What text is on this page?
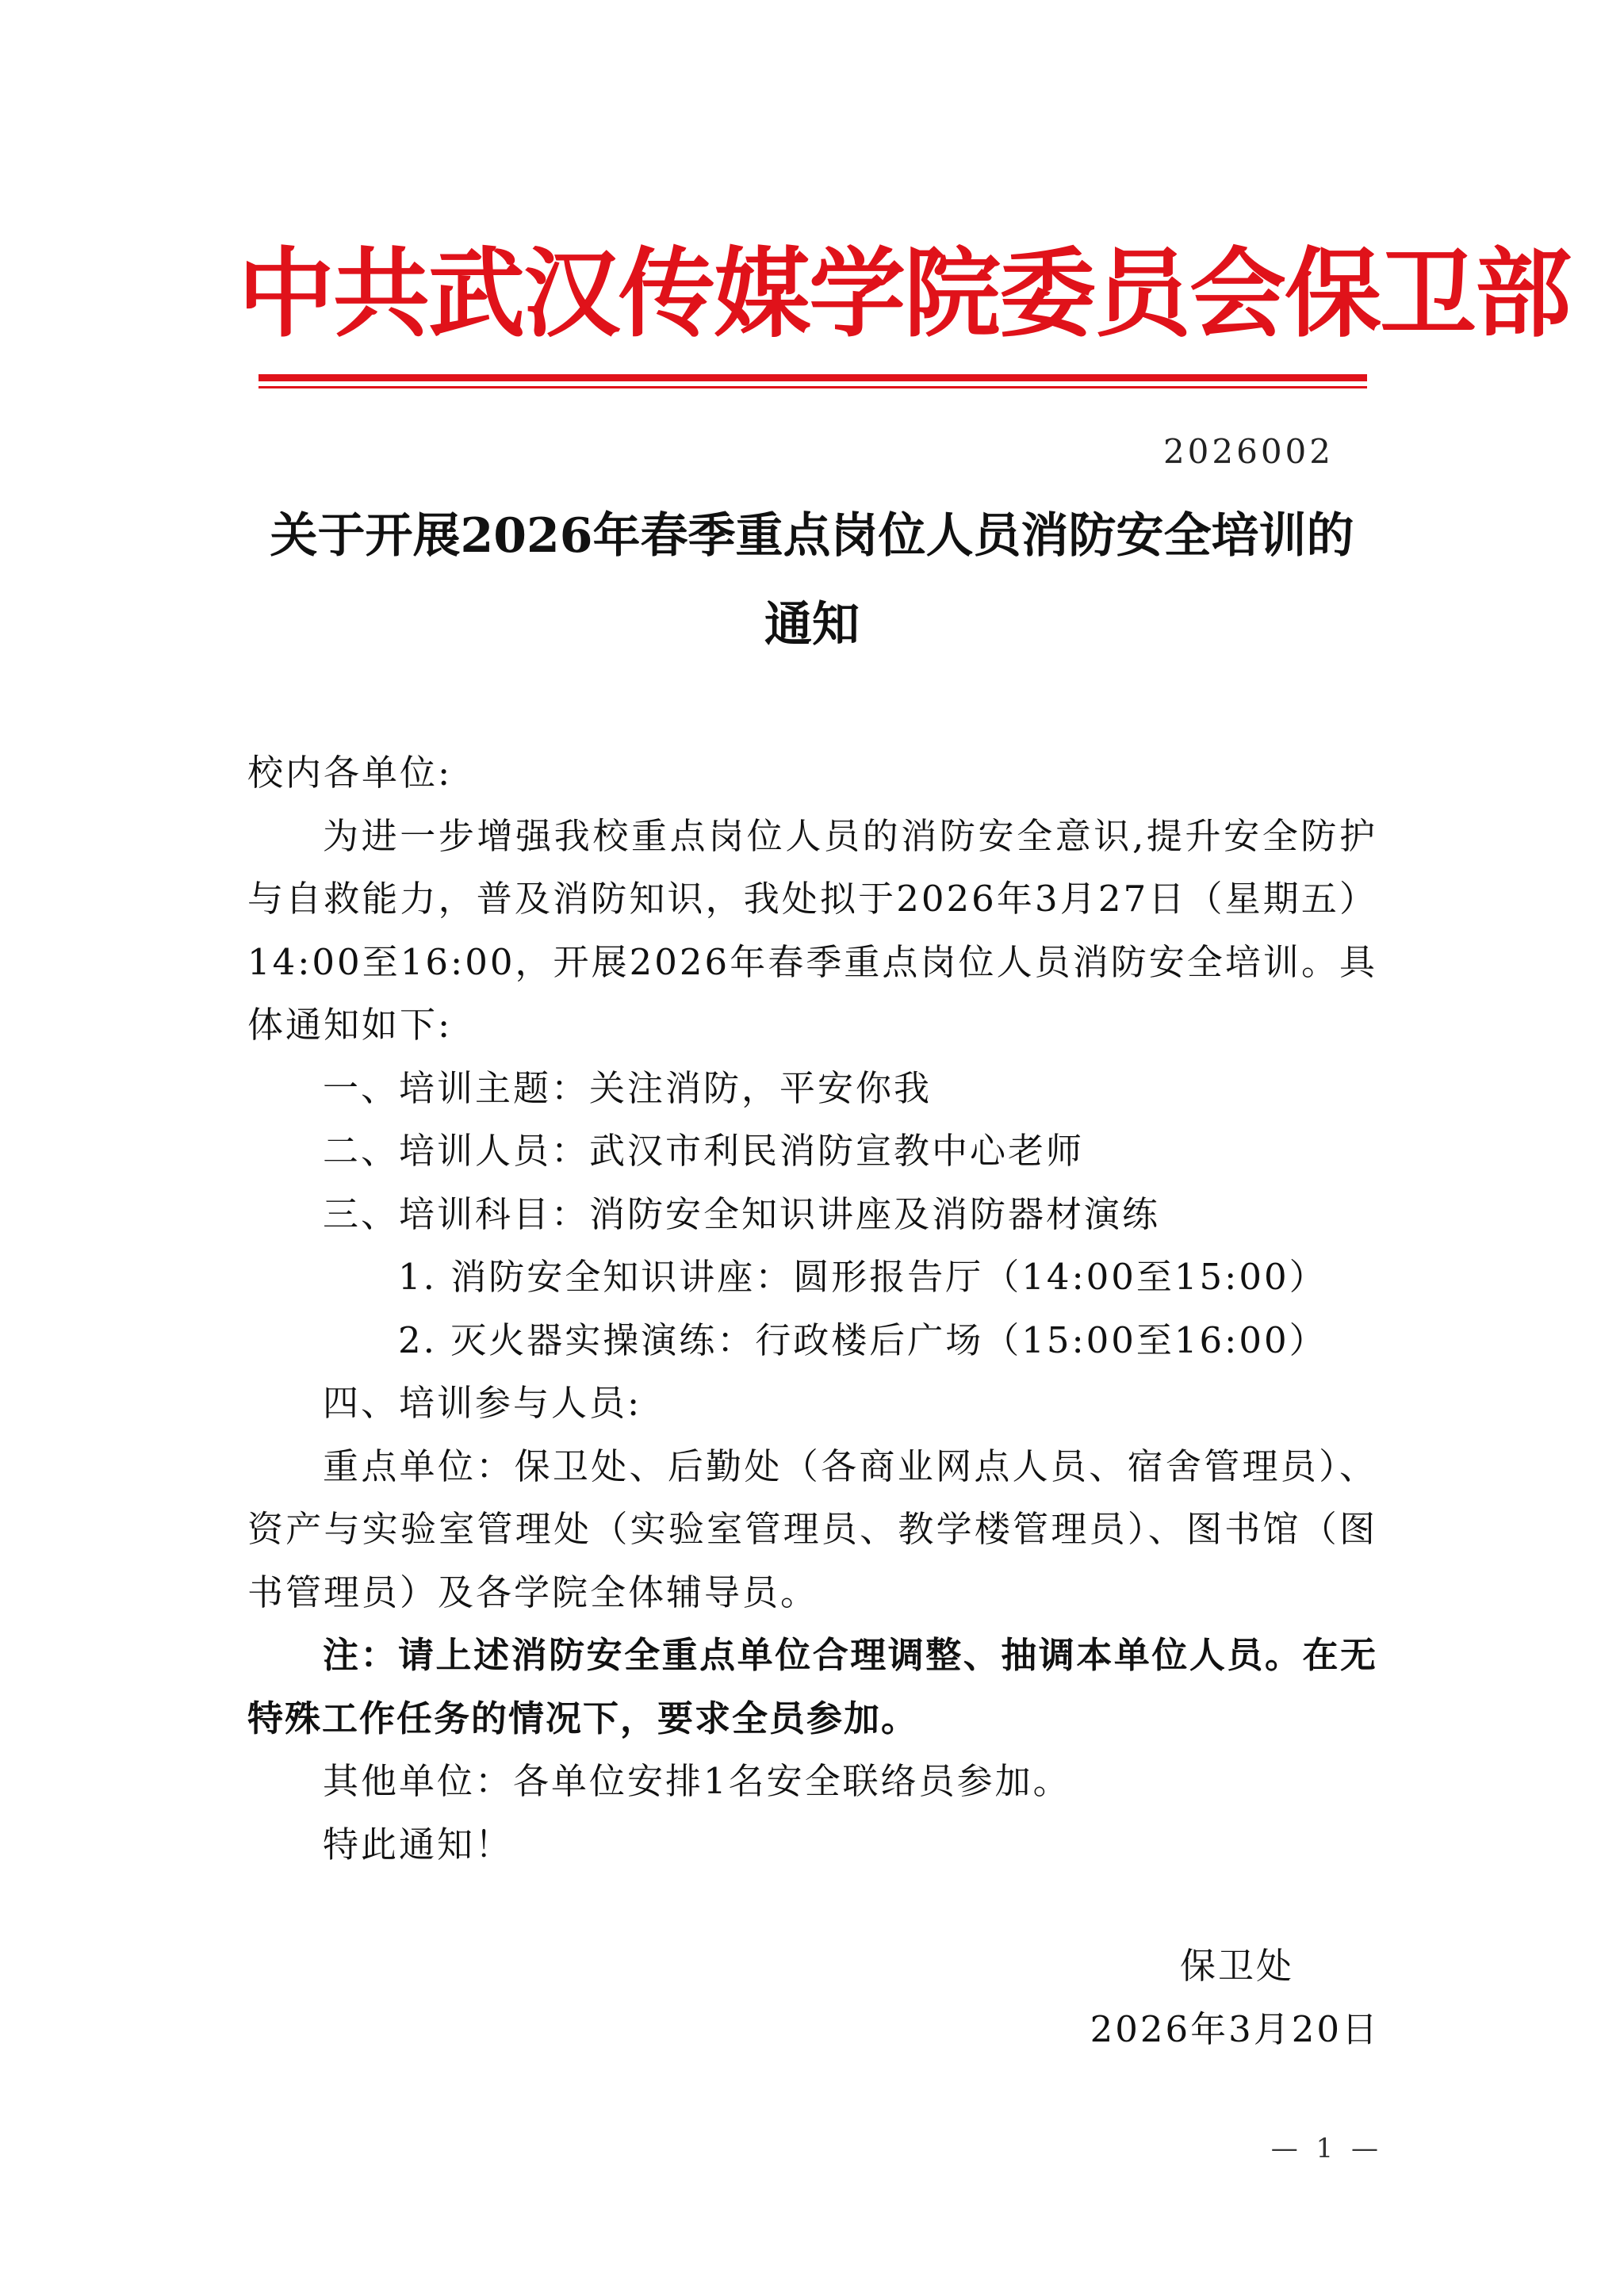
中共武汉传媒学院委员会保卫部
2026002
关于开展2026年春季重点岗位人员消防安全培训的
通知

校内各单位:

为进一步增强我校重点岗位人员的消防安全意识,提升安全防护与自救能力，普及消防知识，我处拟于2026年3月27日（星期五）14:00至16:00，开展2026年春季重点岗位人员消防安全培训。具体通知如下:

一、培训主题：关注消防，平安你我

二、培训人员：武汉市利民消防宣教中心老师

三、培训科目：消防安全知识讲座及消防器材演练

1. 消防安全知识讲座：圆形报告厅（14:00至15:00）

2. 灭火器实操演练：行政楼后广场（15:00至16:00）

四、培训参与人员:

重点单位：保卫处、后勤处（各商业网点人员、宿舍管理员）、资产与实验室管理处（实验室管理员、教学楼管理员）、图书馆（图书管理员）及各学院全体辅导员。

注：请上述消防安全重点单位合理调整、抽调本单位人员。在无特殊工作任务的情况下，要求全员参加。

其他单位：各单位安排1名安全联络员参加。

特此通知！

保卫处
2026年3月20日
— 1 —
